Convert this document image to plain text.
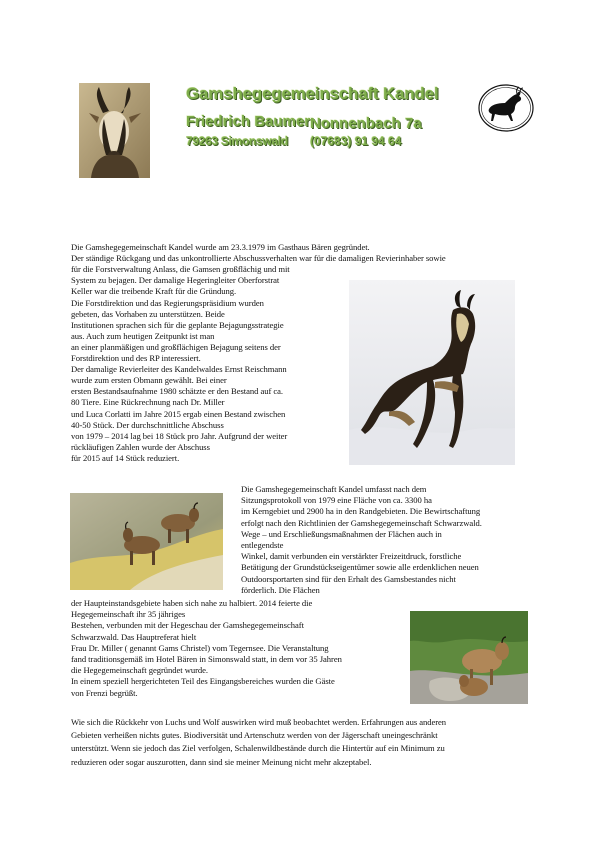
Gamshegegemeinschaft Kandel
Friedrich Baumer Nonnenbach 7a
79263 Simonswald (07683) 91 94 64
Die Gamshegegemeinschaft Kandel wurde am 23.3.1979 im Gasthaus Bären gegründet.
Der ständige Rückgang und das unkontrollierte Abschussverhalten war für die damaligen Revierinhaber sowie
für die Forstverwaltung Anlass, die Gamsen großflächig und mit
System zu bejagen. Der damalige Hegeringleiter Oberforstrat
Keller war die treibende Kraft für die Gründung.
Die Forstdirektion und das Regierungspräsidium wurden
gebeten, das Vorhaben zu unterstützen. Beide
Institutionen sprachen sich für die geplante Bejagungsstrategie
aus. Auch zum heutigen Zeitpunkt ist man
an einer planmäßigen und großflächigen Bejagung seitens der
Forstdirektion und des RP interessiert.
Der damalige Revierleiter des Kandelwaldes Ernst Reischmann
wurde zum ersten Obmann gewählt. Bei einer
ersten Bestandsaufnahme 1980 schätzte er den Bestand auf ca.
80 Tiere. Eine Rückrechnung nach Dr. Miller
und Luca Corlatti im Jahre 2015 ergab einen Bestand zwischen
40-50 Stück. Der durchschnittliche Abschuss
von 1979 – 2014 lag bei 18 Stück pro Jahr. Aufgrund der weiter
rückläufigen Zahlen wurde der Abschuss
für 2015 auf 14 Stück reduziert.
Die Gamshegegemeinschaft Kandel umfasst nach dem
Sitzungsprotokoll von 1979 eine Fläche von ca. 3300 ha
im Kerngebiet und 2900 ha in den Randgebieten. Die Bewirtschaftung
erfolgt nach den Richtlinien der Gamshegegemeinschaft Schwarzwald.
Wege – und Erschließungsmaßnahmen der Flächen auch in
entlegendste
Winkel, damit verbunden ein verstärkter Freizeitdruck, forstliche
Betätigung der Grundstückseigentümer sowie alle erdenklichen neuen
Outdoorsportarten sind für den Erhalt des Gamsbestandes nicht
förderlich. Die Flächen
der Haupteinstandsgebiete haben sich nahe zu halbiert. 2014 feierte die
Hegegemeinschaft ihr 35 jähriges
Bestehen, verbunden mit der Hegeschau der Gamshegegemeinschaft
Schwarzwald. Das Hauptreferat hielt
Frau Dr. Miller ( genannt Gams Christel) vom Tegernsee. Die Veranstaltung
fand traditionsgemäß im Hotel Bären in Simonswald statt, in dem vor 35 Jahren
die Hegegemeinschaft gegründet wurde.
In einem speziell hergerichteten Teil des Eingangsbereiches wurden die Gäste
von Frenzi begrüßt.
Wie sich die Rückkehr von Luchs und Wolf auswirken wird muß beobachtet werden. Erfahrungen aus anderen
Gebieten verheißen nichts gutes. Biodiversität und Artenschutz werden von der Jägerschaft uneingeschränkt
unterstützt. Wenn sie jedoch das Ziel verfolgen, Schalenwildbestände durch die Hintertür auf ein Minimum zu
reduzieren oder sogar auszurotten, dann sind sie meiner Meinung nicht mehr akzeptabel.
